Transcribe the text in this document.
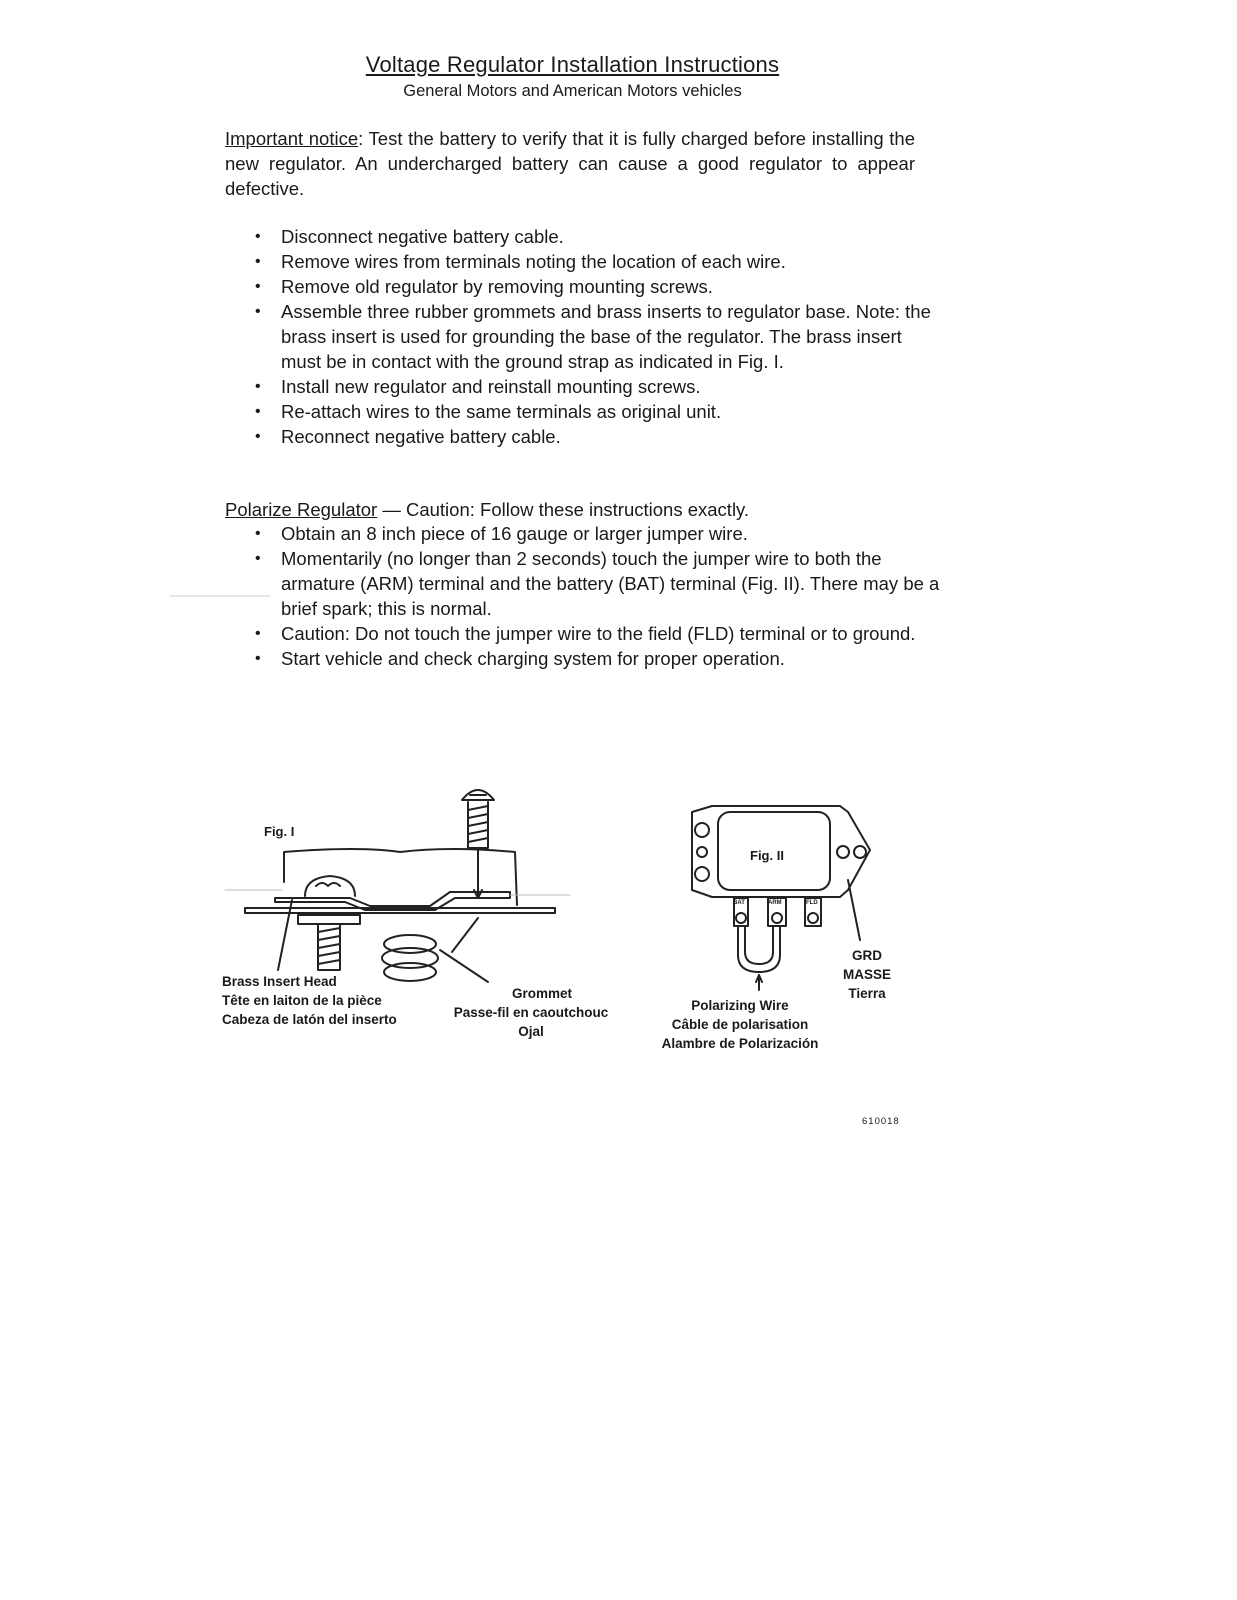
Voltage Regulator Installation Instructions

General Motors and American Motors vehicles

Important notice: Test the battery to verify that it is fully charged before installing the new regulator. An undercharged battery can cause a good regulator to appear defective.

• Disconnect negative battery cable.
• Remove wires from terminals noting the location of each wire.
• Remove old regulator by removing mounting screws.
• Assemble three rubber grommets and brass inserts to regulator base. Note: the brass insert is used for grounding the base of the regulator. The brass insert must be in contact with the ground strap as indicated in Fig. I.
• Install new regulator and reinstall mounting screws.
• Re-attach wires to the same terminals as original unit.
• Reconnect negative battery cable.

Polarize Regulator — Caution: Follow these instructions exactly.

• Obtain an 8 inch piece of 16 gauge or larger jumper wire.
• Momentarily (no longer than 2 seconds) touch the jumper wire to both the armature (ARM) terminal and the battery (BAT) terminal (Fig. II). There may be a brief spark; this is normal.
• Caution: Do not touch the jumper wire to the field (FLD) terminal or to ground.
• Start vehicle and check charging system for proper operation.
Fig. I
Fig. II
BAT	ARM	FLD
Brass Insert Head
Tête en laiton de la pièce
Cabeza de latón del inserto
Grommet
Passe-fil en caoutchouc
Ojal
Polarizing Wire
Câble de polarisation
Alambre de Polarización
GRD
MASSE
Tierra
610018
